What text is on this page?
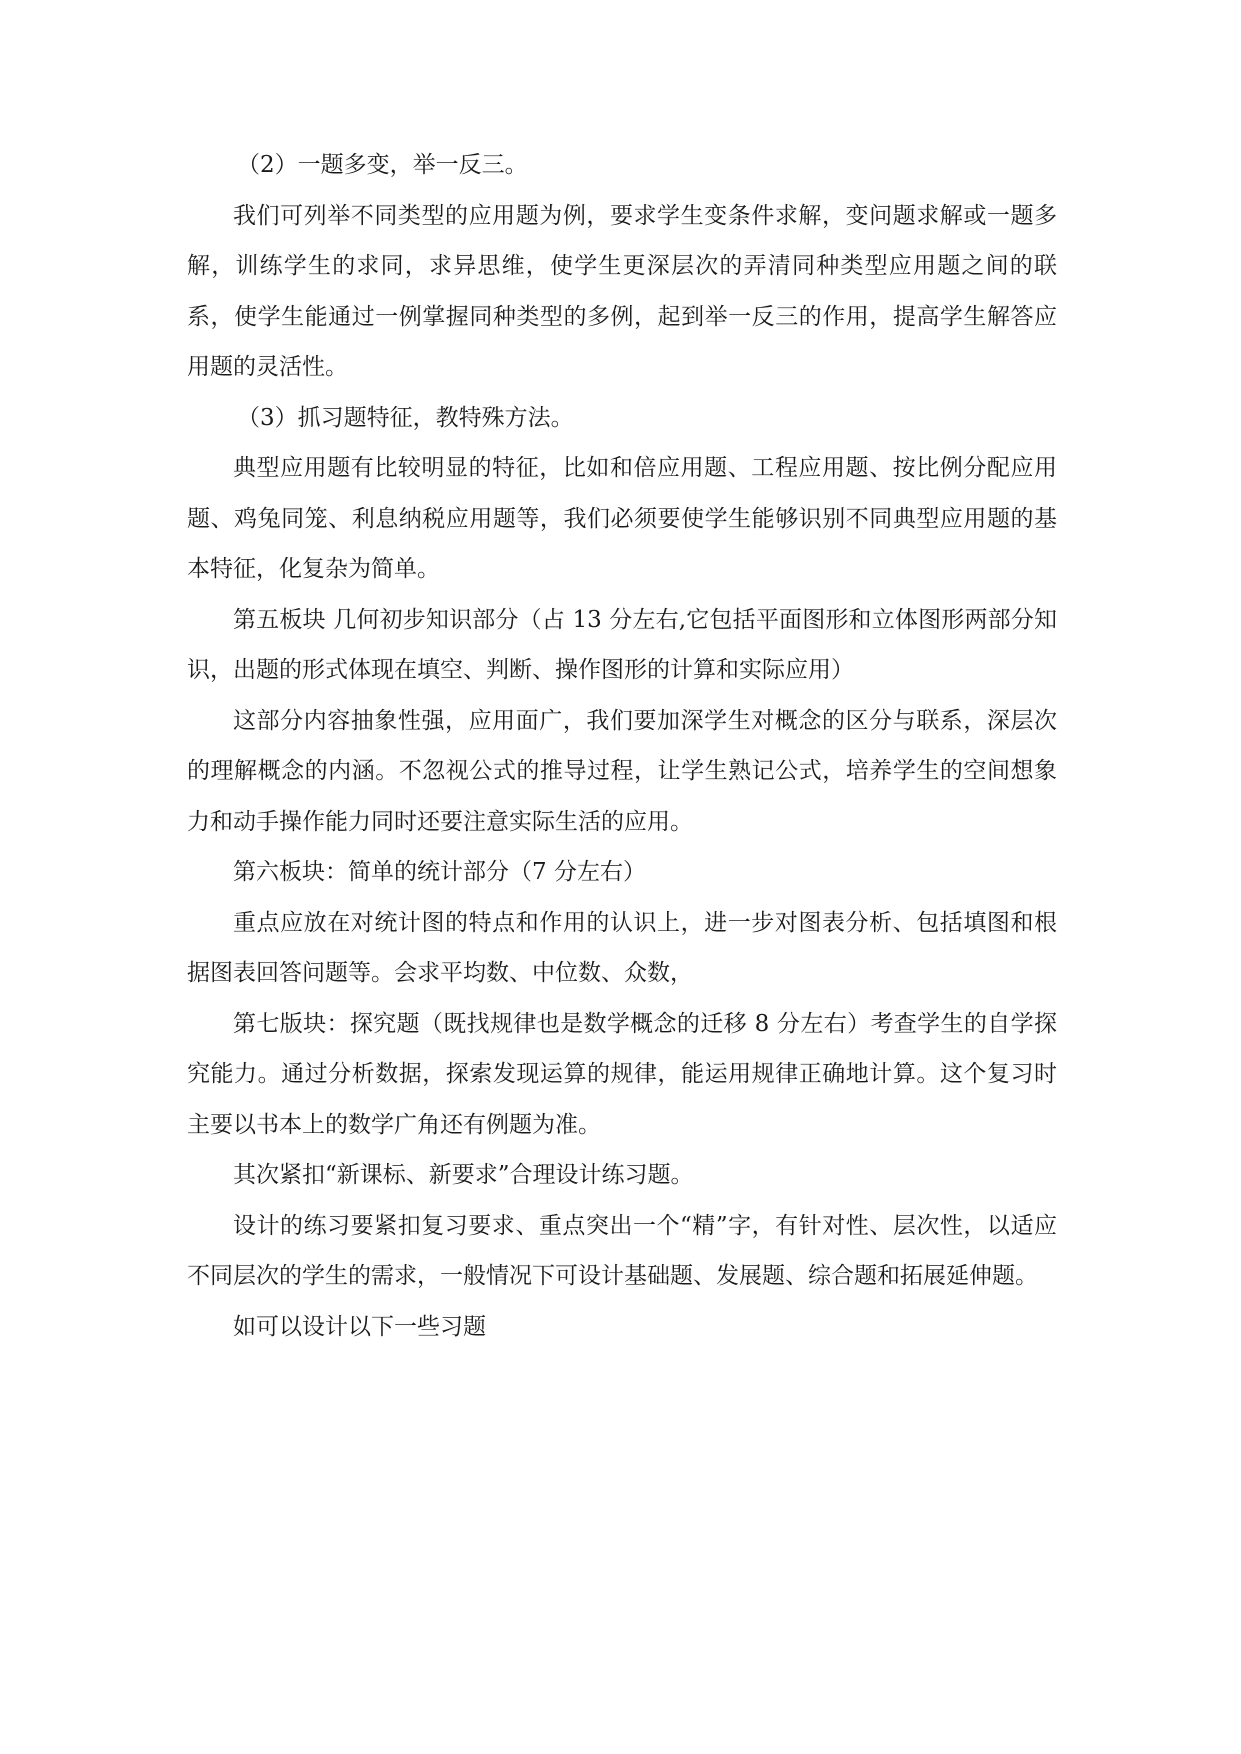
（2）一题多变，举一反三。

我们可列举不同类型的应用题为例，要求学生变条件求解，变问题求解或一题多解，训练学生的求同，求异思维，使学生更深层次的弄清同种类型应用题之间的联系，使学生能通过一例掌握同种类型的多例，起到举一反三的作用，提高学生解答应用题的灵活性。

（3）抓习题特征，教特殊方法。

典型应用题有比较明显的特征，比如和倍应用题、工程应用题、按比例分配应用题、鸡兔同笼、利息纳税应用题等，我们必须要使学生能够识别不同典型应用题的基本特征，化复杂为简单。

第五板块 几何初步知识部分（占 13 分左右,它包括平面图形和立体图形两部分知识，出题的形式体现在填空、判断、操作图形的计算和实际应用）

这部分内容抽象性强，应用面广，我们要加深学生对概念的区分与联系，深层次的理解概念的内涵。不忽视公式的推导过程，让学生熟记公式，培养学生的空间想象力和动手操作能力同时还要注意实际生活的应用。

第六板块：简单的统计部分（7 分左右）

重点应放在对统计图的特点和作用的认识上，进一步对图表分析、包括填图和根据图表回答问题等。会求平均数、中位数、众数，

第七版块：探究题（既找规律也是数学概念的迁移 8 分左右）考查学生的自学探究能力。通过分析数据，探索发现运算的规律，能运用规律正确地计算。这个复习时主要以书本上的数学广角还有例题为准。

其次紧扣“新课标、新要求”合理设计练习题。

设计的练习要紧扣复习要求、重点突出一个“精”字，有针对性、层次性，以适应不同层次的学生的需求，一般情况下可设计基础题、发展题、综合题和拓展延伸题。

如可以设计以下一些习题
